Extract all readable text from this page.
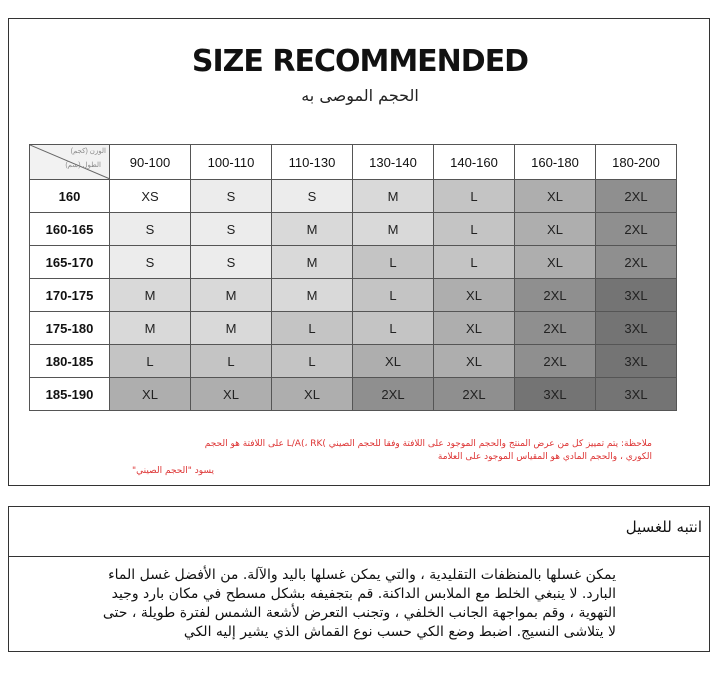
SIZE RECOMMENDED
الحجم الموصى به
الوزن (كجم)
الطول (سم)	90-100	100-110	110-130	130-140	140-160	160-180	180-200
160	XS	S	S	M	L	XL	2XL
160-165	S	S	M	M	L	XL	2XL
165-170	S	S	M	L	L	XL	2XL
170-175	M	M	M	L	XL	2XL	3XL
175-180	M	M	L	L	XL	2XL	3XL
180-185	L	L	L	XL	XL	2XL	3XL
185-190	XL	XL	XL	2XL	2XL	3XL	3XL
ملاحظة: يتم تمييز كل من عرض المنتج والحجم الموجود على اللافتة وفقا للحجم الصيني )L/A(، RK على اللافتة هو الحجم
الكوري ، والحجم المادي هو المقياس الموجود على العلامة
يسود "الحجم الصيني"
انتبه للغسيل
يمكن غسلها بالمنظفات التقليدية ، والتي يمكن غسلها باليد والآلة. من الأفضل غسل الماء
البارد. لا ينبغي الخلط مع الملابس الداكنة. قم بتجفيفه بشكل مسطح في مكان بارد وجيد
التهوية ، وقم بمواجهة الجانب الخلفي ، وتجنب التعرض لأشعة الشمس لفترة طويلة ، حتى
لا يتلاشى النسيج. اضبط وضع الكي حسب نوع القماش الذي يشير إليه الكي
